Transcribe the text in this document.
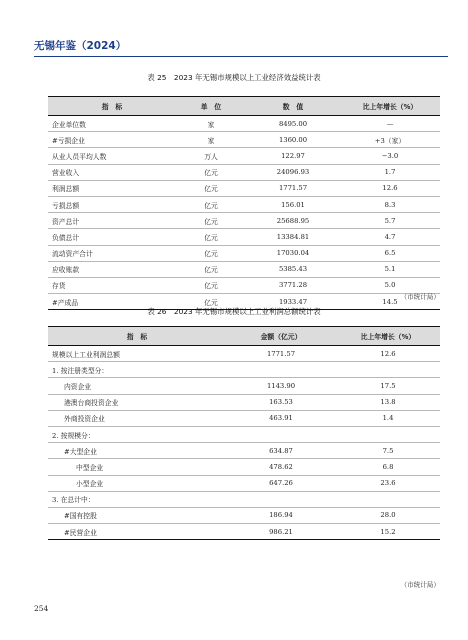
无锡年鉴（2024）
表 25　2023 年无锡市规模以上工业经济效益统计表
指　标	单　位	数　值	比上年增长（%）
企业单位数	家	8495.00	—
#亏损企业	家	1360.00	+3（家）
从业人员平均人数	万人	122.97	−3.0
营业收入	亿元	24096.93	1.7
利润总额	亿元	1771.57	12.6
亏损总额	亿元	156.01	8.3
资产总计	亿元	25688.95	5.7
负债总计	亿元	13384.81	4.7
流动资产合计	亿元	17030.04	6.5
应收账款	亿元	5385.43	5.1
存货	亿元	3771.28	5.0
#产成品	亿元	1933.47	14.5
（市统计局）
表 26　2023 年无锡市规模以上工业利润总额统计表
指　标	金额（亿元）	比上年增长（%）
规模以上工业利润总额	1771.57	12.6
1. 按注册类型分：		
内资企业	1143.90	17.5
港澳台商投资企业	163.53	13.8
外商投资企业	463.91	1.4
2. 按规模分：		
#大型企业	634.87	7.5
中型企业	478.62	6.8
小型企业	647.26	23.6
3. 在总计中：		
#国有控股	186.94	28.0
#民营企业	986.21	15.2
（市统计局）
254
